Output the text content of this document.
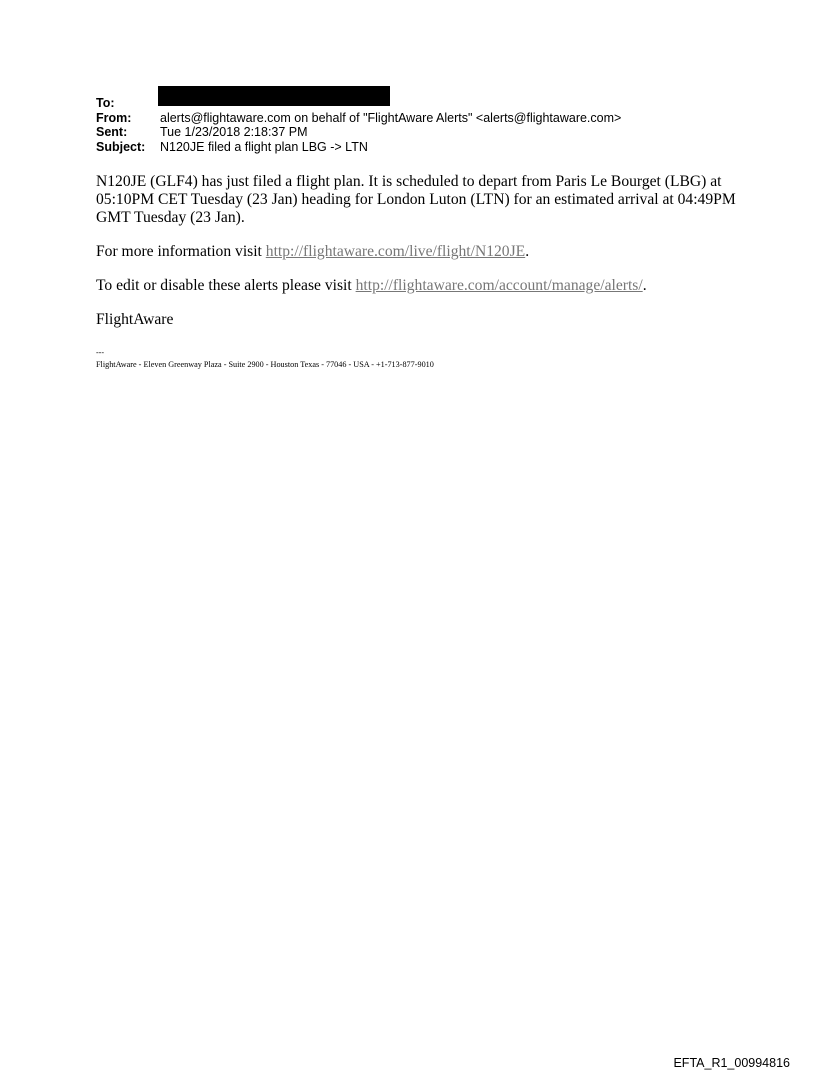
To:
From:	alerts@flightaware.com on behalf of "FlightAware Alerts" <alerts@flightaware.com>
Sent:	Tue 1/23/2018 2:18:37 PM
Subject:	N120JE filed a flight plan LBG -> LTN

N120JE (GLF4) has just filed a flight plan. It is scheduled to depart from Paris Le Bourget (LBG) at 05:10PM CET Tuesday (23 Jan) heading for London Luton (LTN) for an estimated arrival at 04:49PM GMT Tuesday (23 Jan).

For more information visit http://flightaware.com/live/flight/N120JE.

To edit or disable these alerts please visit http://flightaware.com/account/manage/alerts/.

FlightAware

---
FlightAware - Eleven Greenway Plaza - Suite 2900 - Houston Texas - 77046 - USA - +1-713-877-9010
EFTA_R1_00994816
